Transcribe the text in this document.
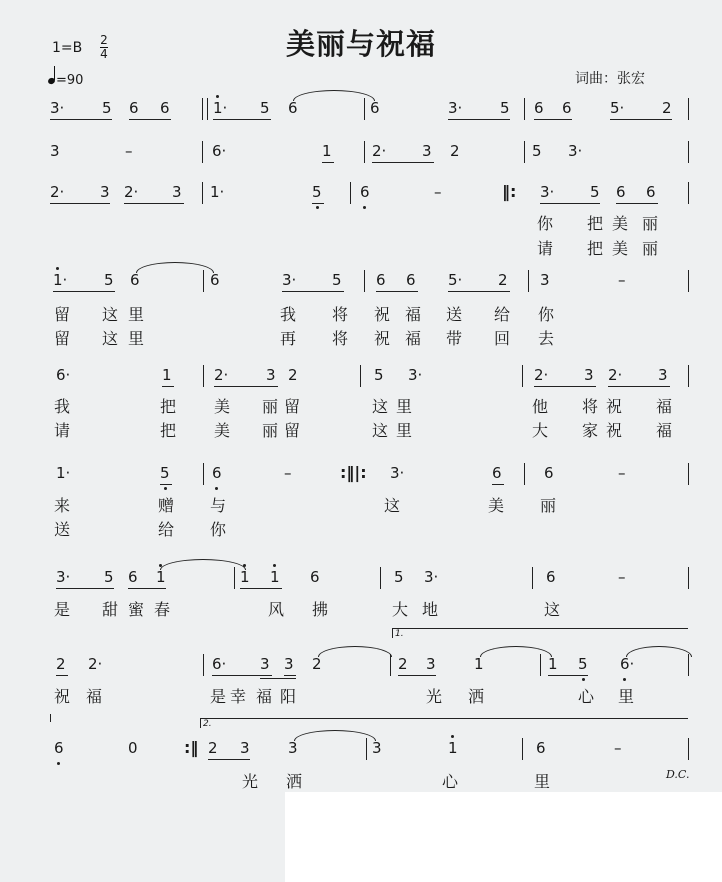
美丽与祝福
1=B 2
4
=90	词曲：张宏
3·	5 6 6	1· 5 6	6	3·	5 6 6	5·	2
3	–	6·	1	2· 3 2	5 3·
2· 3 2· 3 1·	5	6	–	‖: 3· 5 6 6
你 把 美 丽
请 把 美 丽
1· 5 6	6	3· 5 6 6 5· 2 3	–
留 这 里	我 将 祝 福 送 给 你
留 这 里	再 将 祝 福 带 回 去
6·	1	2·	3 2	5 3·	2· 3 2· 3
我	把 美 丽 留	这 里	他 将 祝 福
请	把 美 丽 留	这 里	大 家 祝 福
1·	5	6	–	:‖|: 3·	6	6	–
来	赠 与	这	美 丽
送	给 你
3· 5 6 1	1 1 6	5 3·	6	–
是 甜 蜜 春	风 拂	大 地	这
1.
2 2·	6· 3 3 2	2 3	1	1 5 6·
祝 福	是 幸 福 阳	光 洒	心 里
2.
6	0	:‖ 2 3	3	3	1	6	–
光 洒	心	里	D.C.
